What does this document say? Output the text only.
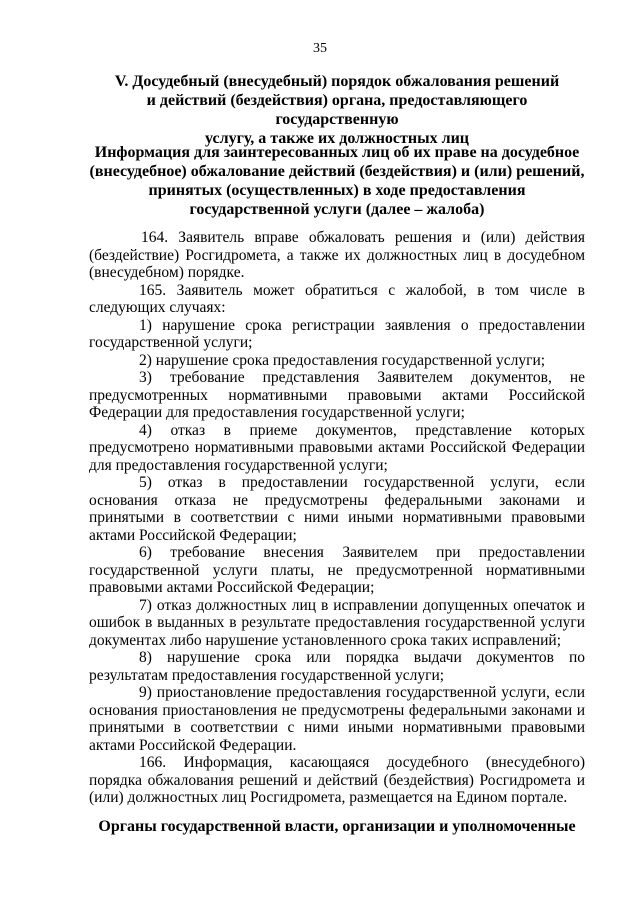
35
V. Досудебный (внесудебный) порядок обжалования решений
и действий (бездействия) органа, предоставляющего государственную
услугу, а также их должностных лиц
Информация для заинтересованных лиц об их праве на досудебное
(внесудебное) обжалование действий (бездействия) и (или) решений,
принятых (осуществленных) в ходе предоставления
государственной услуги (далее – жалоба)

164. Заявитель вправе обжаловать решения и (или) действия (бездействие) Росгидромета, а также их должностных лиц в досудебном (внесудебном) порядке.

165. Заявитель может обратиться с жалобой, в том числе в следующих случаях:

1) нарушение срока регистрации заявления о предоставлении государственной услуги;

2) нарушение срока предоставления государственной услуги;

3) требование представления Заявителем документов, не предусмотренных нормативными правовыми актами Российской Федерации для предоставления государственной услуги;

4) отказ в приеме документов, представление которых предусмотрено нормативными правовыми актами Российской Федерации для предоставления государственной услуги;

5) отказ в предоставлении государственной услуги, если основания отказа не предусмотрены федеральными законами и принятыми в соответствии с ними иными нормативными правовыми актами Российской Федерации;

6) требование внесения Заявителем при предоставлении государственной услуги платы, не предусмотренной нормативными правовыми актами Российской Федерации;

7) отказ должностных лиц в исправлении допущенных опечаток и ошибок в выданных в результате предоставления государственной услуги документах либо нарушение установленного срока таких исправлений;

8) нарушение срока или порядка выдачи документов по результатам предоставления государственной услуги;

9) приостановление предоставления государственной услуги, если основания приостановления не предусмотрены федеральными законами и принятыми в соответствии с ними иными нормативными правовыми актами Российской Федерации.

166. Информация, касающаяся досудебного (внесудебного) порядка обжалования решений и действий (бездействия) Росгидромета и (или) должностных лиц Росгидромета, размещается на Едином портале.

Органы государственной власти, организации и уполномоченные
